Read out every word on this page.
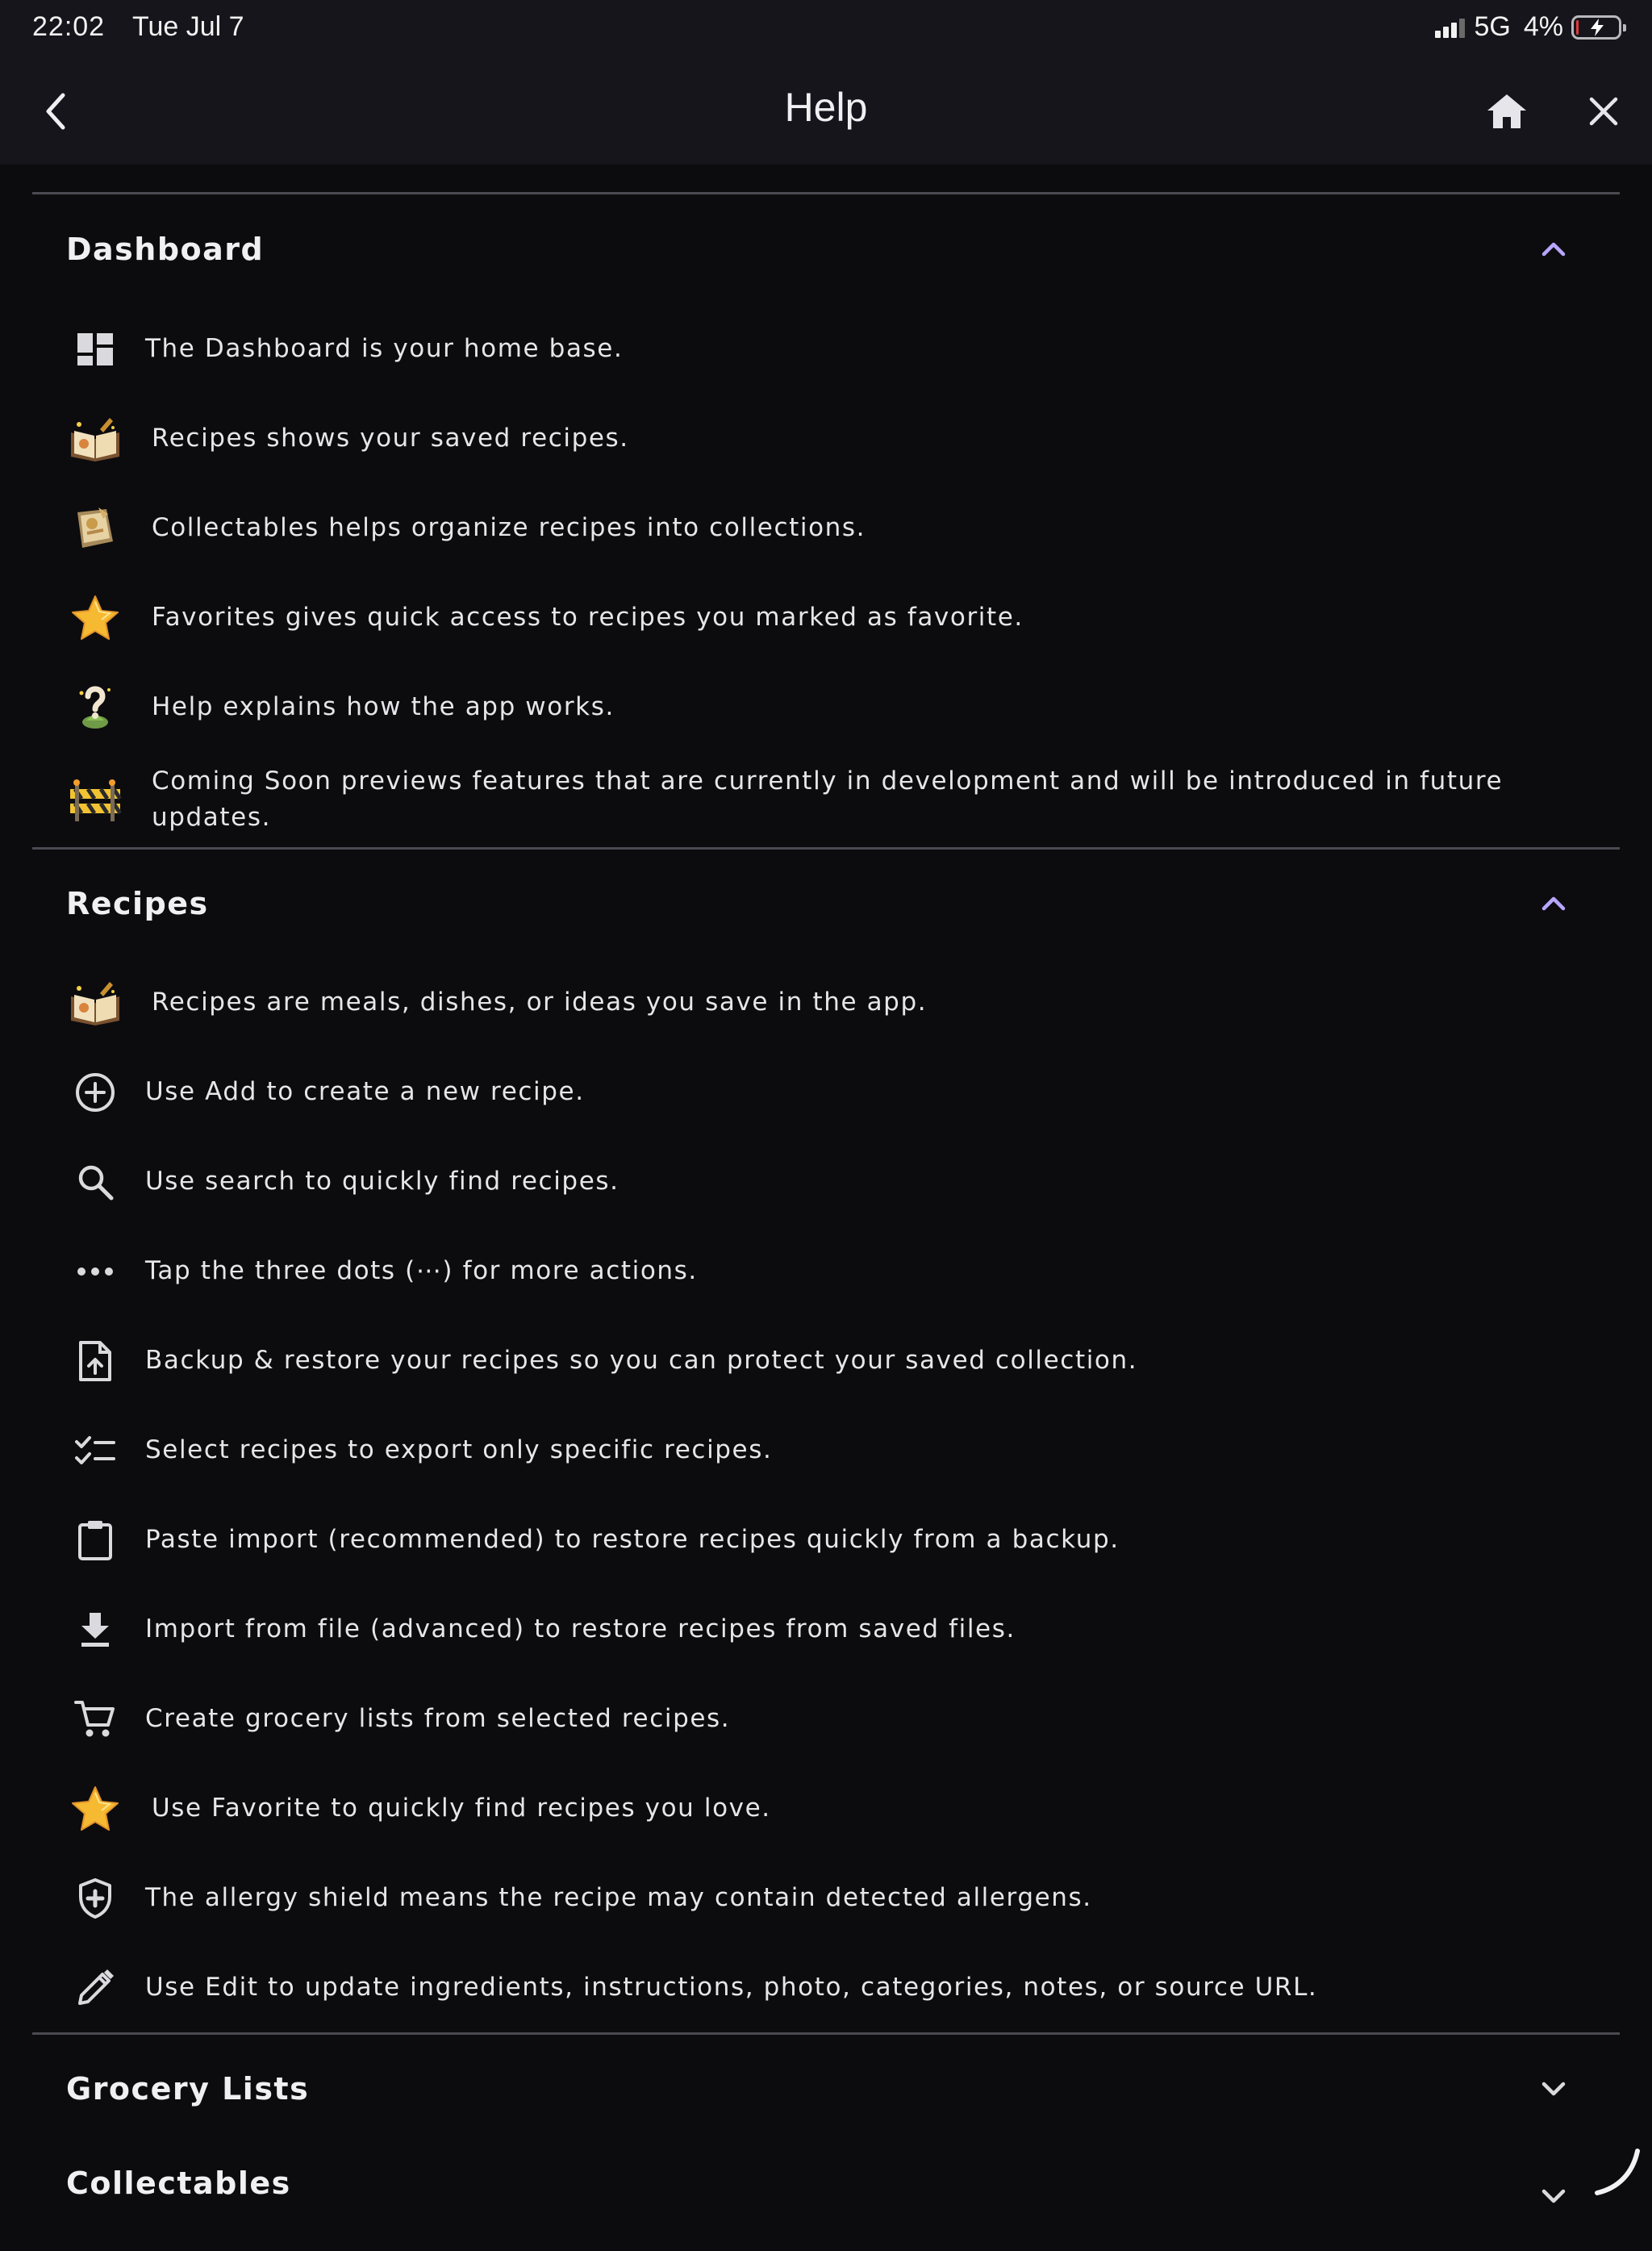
22:02 Tue Jul 7	5G 4%
Help
Dashboard
The Dashboard is your home base.
Recipes shows your saved recipes.
Collectables helps organize recipes into collections.
Favorites gives quick access to recipes you marked as favorite.
Help explains how the app works.
Coming Soon previews features that are currently in development and will be introduced in future updates.
Recipes
Recipes are meals, dishes, or ideas you save in the app.
Use Add to create a new recipe.
Use search to quickly find recipes.
Tap the three dots (⋯) for more actions.
Backup & restore your recipes so you can protect your saved collection.
Select recipes to export only specific recipes.
Paste import (recommended) to restore recipes quickly from a backup.
Import from file (advanced) to restore recipes from saved files.
Create grocery lists from selected recipes.
Use Favorite to quickly find recipes you love.
The allergy shield means the recipe may contain detected allergens.
Use Edit to update ingredients, instructions, photo, categories, notes, or source URL.
Grocery Lists
Collectables
